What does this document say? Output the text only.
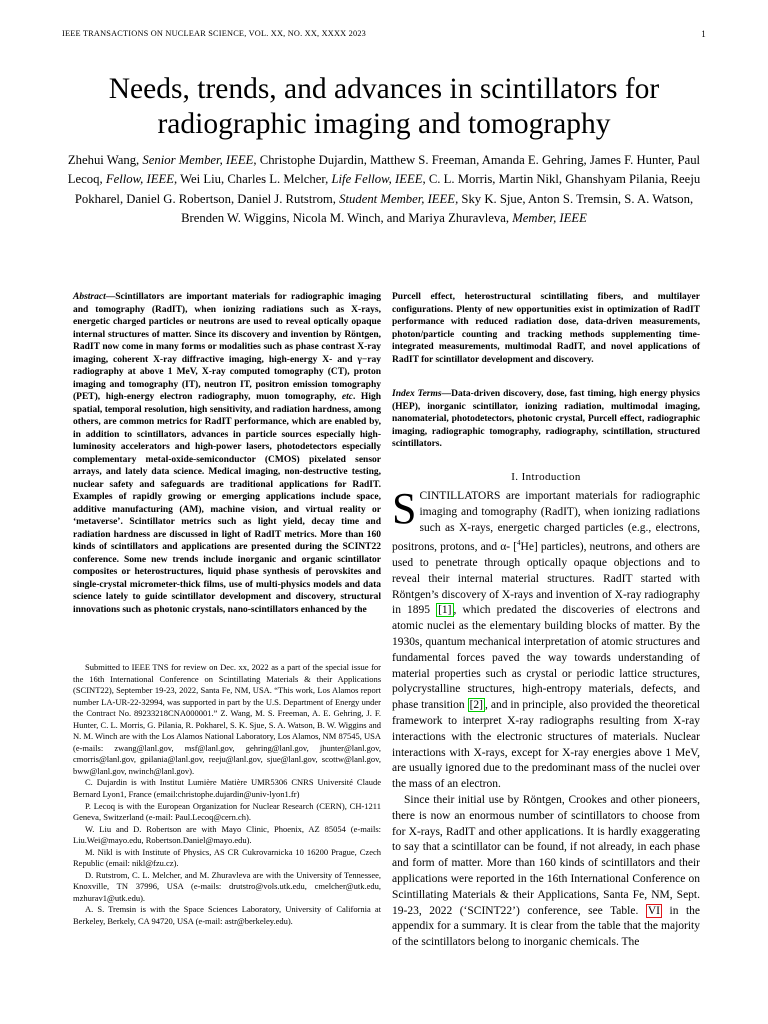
IEEE TRANSACTIONS ON NUCLEAR SCIENCE, VOL. XX, NO. XX, XXXX 2023	1
Needs, trends, and advances in scintillators for radiographic imaging and tomography
Zhehui Wang, Senior Member, IEEE, Christophe Dujardin, Matthew S. Freeman, Amanda E. Gehring, James F. Hunter, Paul Lecoq, Fellow, IEEE, Wei Liu, Charles L. Melcher, Life Fellow, IEEE, C. L. Morris, Martin Nikl, Ghanshyam Pilania, Reeju Pokharel, Daniel G. Robertson, Daniel J. Rutstrom, Student Member, IEEE, Sky K. Sjue, Anton S. Tremsin, S. A. Watson, Brenden W. Wiggins, Nicola M. Winch, and Mariya Zhuravleva, Member, IEEE
Abstract—Scintillators are important materials for radiographic imaging and tomography (RadIT), when ionizing radiations such as X-rays, energetic charged particles or neutrons are used to reveal optically opaque internal structures of matter. Since its discovery and invention by Röntgen, RadIT now come in many forms or modalities such as phase contrast X-ray imaging, coherent X-ray diffractive imaging, high-energy X- and γ−ray radiography at above 1 MeV, X-ray computed tomography (CT), proton imaging and tomography (IT), neutron IT, positron emission tomography (PET), high-energy electron radiography, muon tomography, etc. High spatial, temporal resolution, high sensitivity, and radiation hardness, among others, are common metrics for RadIT performance, which are enabled by, in addition to scintillators, advances in particle sources especially high-luminosity accelerators and high-power lasers, photodetectors especially complementary metal-oxide-semiconductor (CMOS) pixelated sensor arrays, and lately data science. Medical imaging, non-destructive testing, nuclear safety and safeguards are traditional applications for RadIT. Examples of rapidly growing or emerging applications include space, additive manufacturing (AM), machine vision, and virtual reality or ‘metaverse’. Scintillator metrics such as light yield, decay time and radiation hardness are discussed in light of RadIT metrics. More than 160 kinds of scintillators and applications are presented during the SCINT22 conference. Some new trends include inorganic and organic scintillator composites or heterostructures, liquid phase synthesis of perovskites and single-crystal micrometer-thick films, use of multi-physics models and data science lately to guide scintillator development and discovery, structural innovations such as photonic crystals, nano-scintillators enhanced by the

Submitted to IEEE TNS for review on Dec. xx, 2022 as a part of the special issue for the 16th International Conference on Scintillating Materials & their Applications (SCINT22), September 19-23, 2022, Santa Fe, NM, USA. “This work, Los Alamos report number LA-UR-22-32994, was supported in part by the U.S. Department of Energy under the Contract No. 89233218CNA000001.” Z. Wang, M. S. Freeman, A. E. Gehring, J. F. Hunter, C. L. Morris, G. Pilania, R. Pokharel, S. K. Sjue, S. A. Watson, B. W. Wiggins and N. M. Winch are with the Los Alamos National Laboratory, Los Alamos, NM 87545, USA (e-mails: zwang@lanl.gov, msf@lanl.gov, gehring@lanl.gov, jhunter@lanl.gov, cmorris@lanl.gov, gpilania@lanl.gov, reeju@lanl.gov, sjue@lanl.gov, scottw@lanl.gov, bww@lanl.gov, nwinch@lanl.gov).

C. Dujardin is with Institut Lumière Matière UMR5306 CNRS Université Claude Bernard Lyon1, France (email:christophe.dujardin@univ-lyon1.fr)

P. Lecoq is with the European Organization for Nuclear Research (CERN), CH-1211 Geneva, Switzerland (e-mail: Paul.Lecoq@cern.ch).

W. Liu and D. Robertson are with Mayo Clinic, Phoenix, AZ 85054 (e-mails: Liu.Wei@mayo.edu, Robertson.Daniel@mayo.edu).

M. Nikl is with Institute of Physics, AS CR Cukrovarnicka 10 16200 Prague, Czech Republic (email: nikl@fzu.cz).

D. Rutstrom, C. L. Melcher, and M. Zhuravleva are with the University of Tennessee, Knoxville, TN 37996, USA (e-mails: drutstro@vols.utk.edu, cmelcher@utk.edu, mzhurav1@utk.edu).

A. S. Tremsin is with the Space Sciences Laboratory, University of California at Berkeley, Berkely, CA 94720, USA (e-mail: astr@berkeley.edu).

Purcell effect, heterostructural scintillating fibers, and multilayer configurations. Plenty of new opportunities exist in optimization of RadIT performance with reduced radiation dose, data-driven measurements, photon/particle counting and tracking methods supplementing time-integrated measurements, multimodal RadIT, and novel applications of RadIT for scintillator development and discovery.
Index Terms—Data-driven discovery, dose, fast timing, high energy physics (HEP), inorganic scintillator, ionizing radiation, multimodal imaging, nanomaterial, photodetectors, photonic crystal, Purcell effect, radiographic imaging, radiographic tomography, radiography, scintillation, structured scintillators.
I. Introduction

SCINTILLATORS are important materials for radiographic imaging and tomography (RadIT), when ionizing radiations such as X-rays, energetic charged particles (e.g., electrons, positrons, protons, and α- [$^4$He] particles), neutrons, and others are used to penetrate through optically opaque objections and to reveal their internal material structures. RadIT started with Röntgen’s discovery of X-rays and invention of X-ray radiography in 1895 [1] , which predated the discoveries of electrons and atomic nuclei as the elementary building blocks of matter. By the 1930s, quantum mechanical interpretation of atomic structures and fundamental forces paved the way towards understanding of material properties such as crystal or periodic lattice structures, polycrystalline structures, high-entropy materials, defects, and phase transition [2] , and in principle, also provided the theoretical framework to interpret X-ray radiographs resulting from X-ray interactions with the electronic structures of materials. Nuclear interactions with X-rays, except for X-ray energies above 1 MeV, are usually ignored due to the predominant mass of the nuclei over the mass of an electron.

Since their initial use by Röntgen, Crookes and other pioneers, there is now an enormous number of scintillators to choose from for X-rays, RadIT and other applications. It is hardly exaggerating to say that a scintillator can be found, if not already, in each phase and form of matter. More than 160 kinds of scintillators and their applications were reported in the 16th International Conference on Scintillating Materials & their Applications, Santa Fe, NM, Sept. 19-23, 2022 (‘SCINT22’) conference, see Table. VI in the appendix for a summary. It is clear from the table that the majority of the scintillators belong to inorganic chemicals. The
